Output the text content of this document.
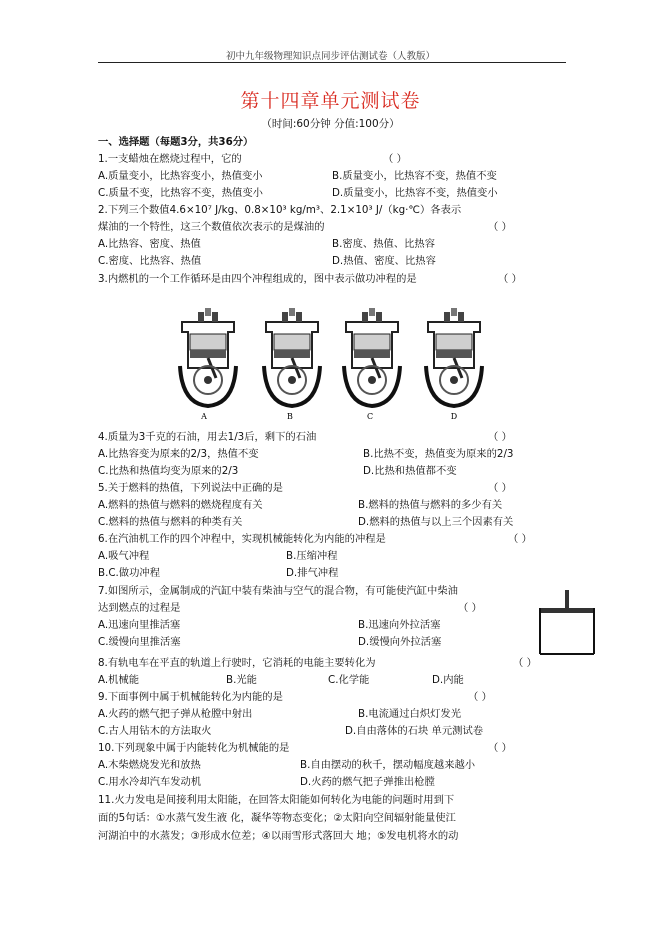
初中九年级物理知识点同步评估测试卷（人教版）
第十四章单元测试卷
（时间:60分钟 分值:100分）
一、选择题（每题3分，共36分）
1.一支蜡烛在燃烧过程中，它的	（ ）
A.质量变小，比热容变小，热值变小	B.质量变小，比热容不变，热值不变
C.质量不变，比热容不变，热值变小	D.质量变小，比热容不变，热值变小
2.下列三个数值4.6×10⁷ J/kg、0.8×10³ kg/m³、2.1×10³ J/（kg·℃）各表示
煤油的一个特性，这三个数值依次表示的是煤油的	（ ）
A.比热容、密度、热值	B.密度、热值、比热容
C.密度、比热容、热值	D.热值、密度、比热容
3.内燃机的一个工作循环是由四个冲程组成的，图中表示做功冲程的是	（ ）
A	B	C	D
4.质量为3千克的石油，用去1/3后，剩下的石油	（ ）
A.比热容变为原来的2/3，热值不变	B.比热不变，热值变为原来的2/3
C.比热和热值均变为原来的2/3	D.比热和热值都不变
5.关于燃料的热值，下列说法中正确的是	（ ）
A.燃料的热值与燃料的燃烧程度有关	B.燃料的热值与燃料的多少有关
C.燃料的热值与燃料的种类有关	D.燃料的热值与以上三个因素有关
6.在汽油机工作的四个冲程中，实现机械能转化为内能的冲程是	（ ）
A.吸气冲程	B.压缩冲程
B.C.做功冲程	D.排气冲程
7.如图所示，金属制成的汽缸中装有柴油与空气的混合物，有可能使汽缸中柴油
达到燃点的过程是	（ ）
A.迅速向里推活塞	B.迅速向外拉活塞
C.缓慢向里推活塞	D.缓慢向外拉活塞
8.有轨电车在平直的轨道上行驶时，它消耗的电能主要转化为	（ ）
A.机械能	B.光能	C.化学能	D.内能
9.下面事例中属于机械能转化为内能的是	（ ）
A.火药的燃气把子弹从枪膛中射出	B.电流通过白炽灯发光
C.古人用钻木的方法取火	D.自由落体的石块 单元测试卷
10.下列现象中属于内能转化为机械能的是	（ ）
A.木柴燃烧发光和放热	B.自由摆动的秋千，摆动幅度越来越小
C.用水冷却汽车发动机	D.火药的燃气把子弹推出枪膛
11.火力发电是间接利用太阳能，在回答太阳能如何转化为电能的问题时用到下
面的5句话：①水蒸气发生液 化，凝华等物态变化；②太阳向空间辐射能量使江
河湖泊中的水蒸发；③形成水位差；④以雨雪形式落回大 地；⑤发电机将水的动
